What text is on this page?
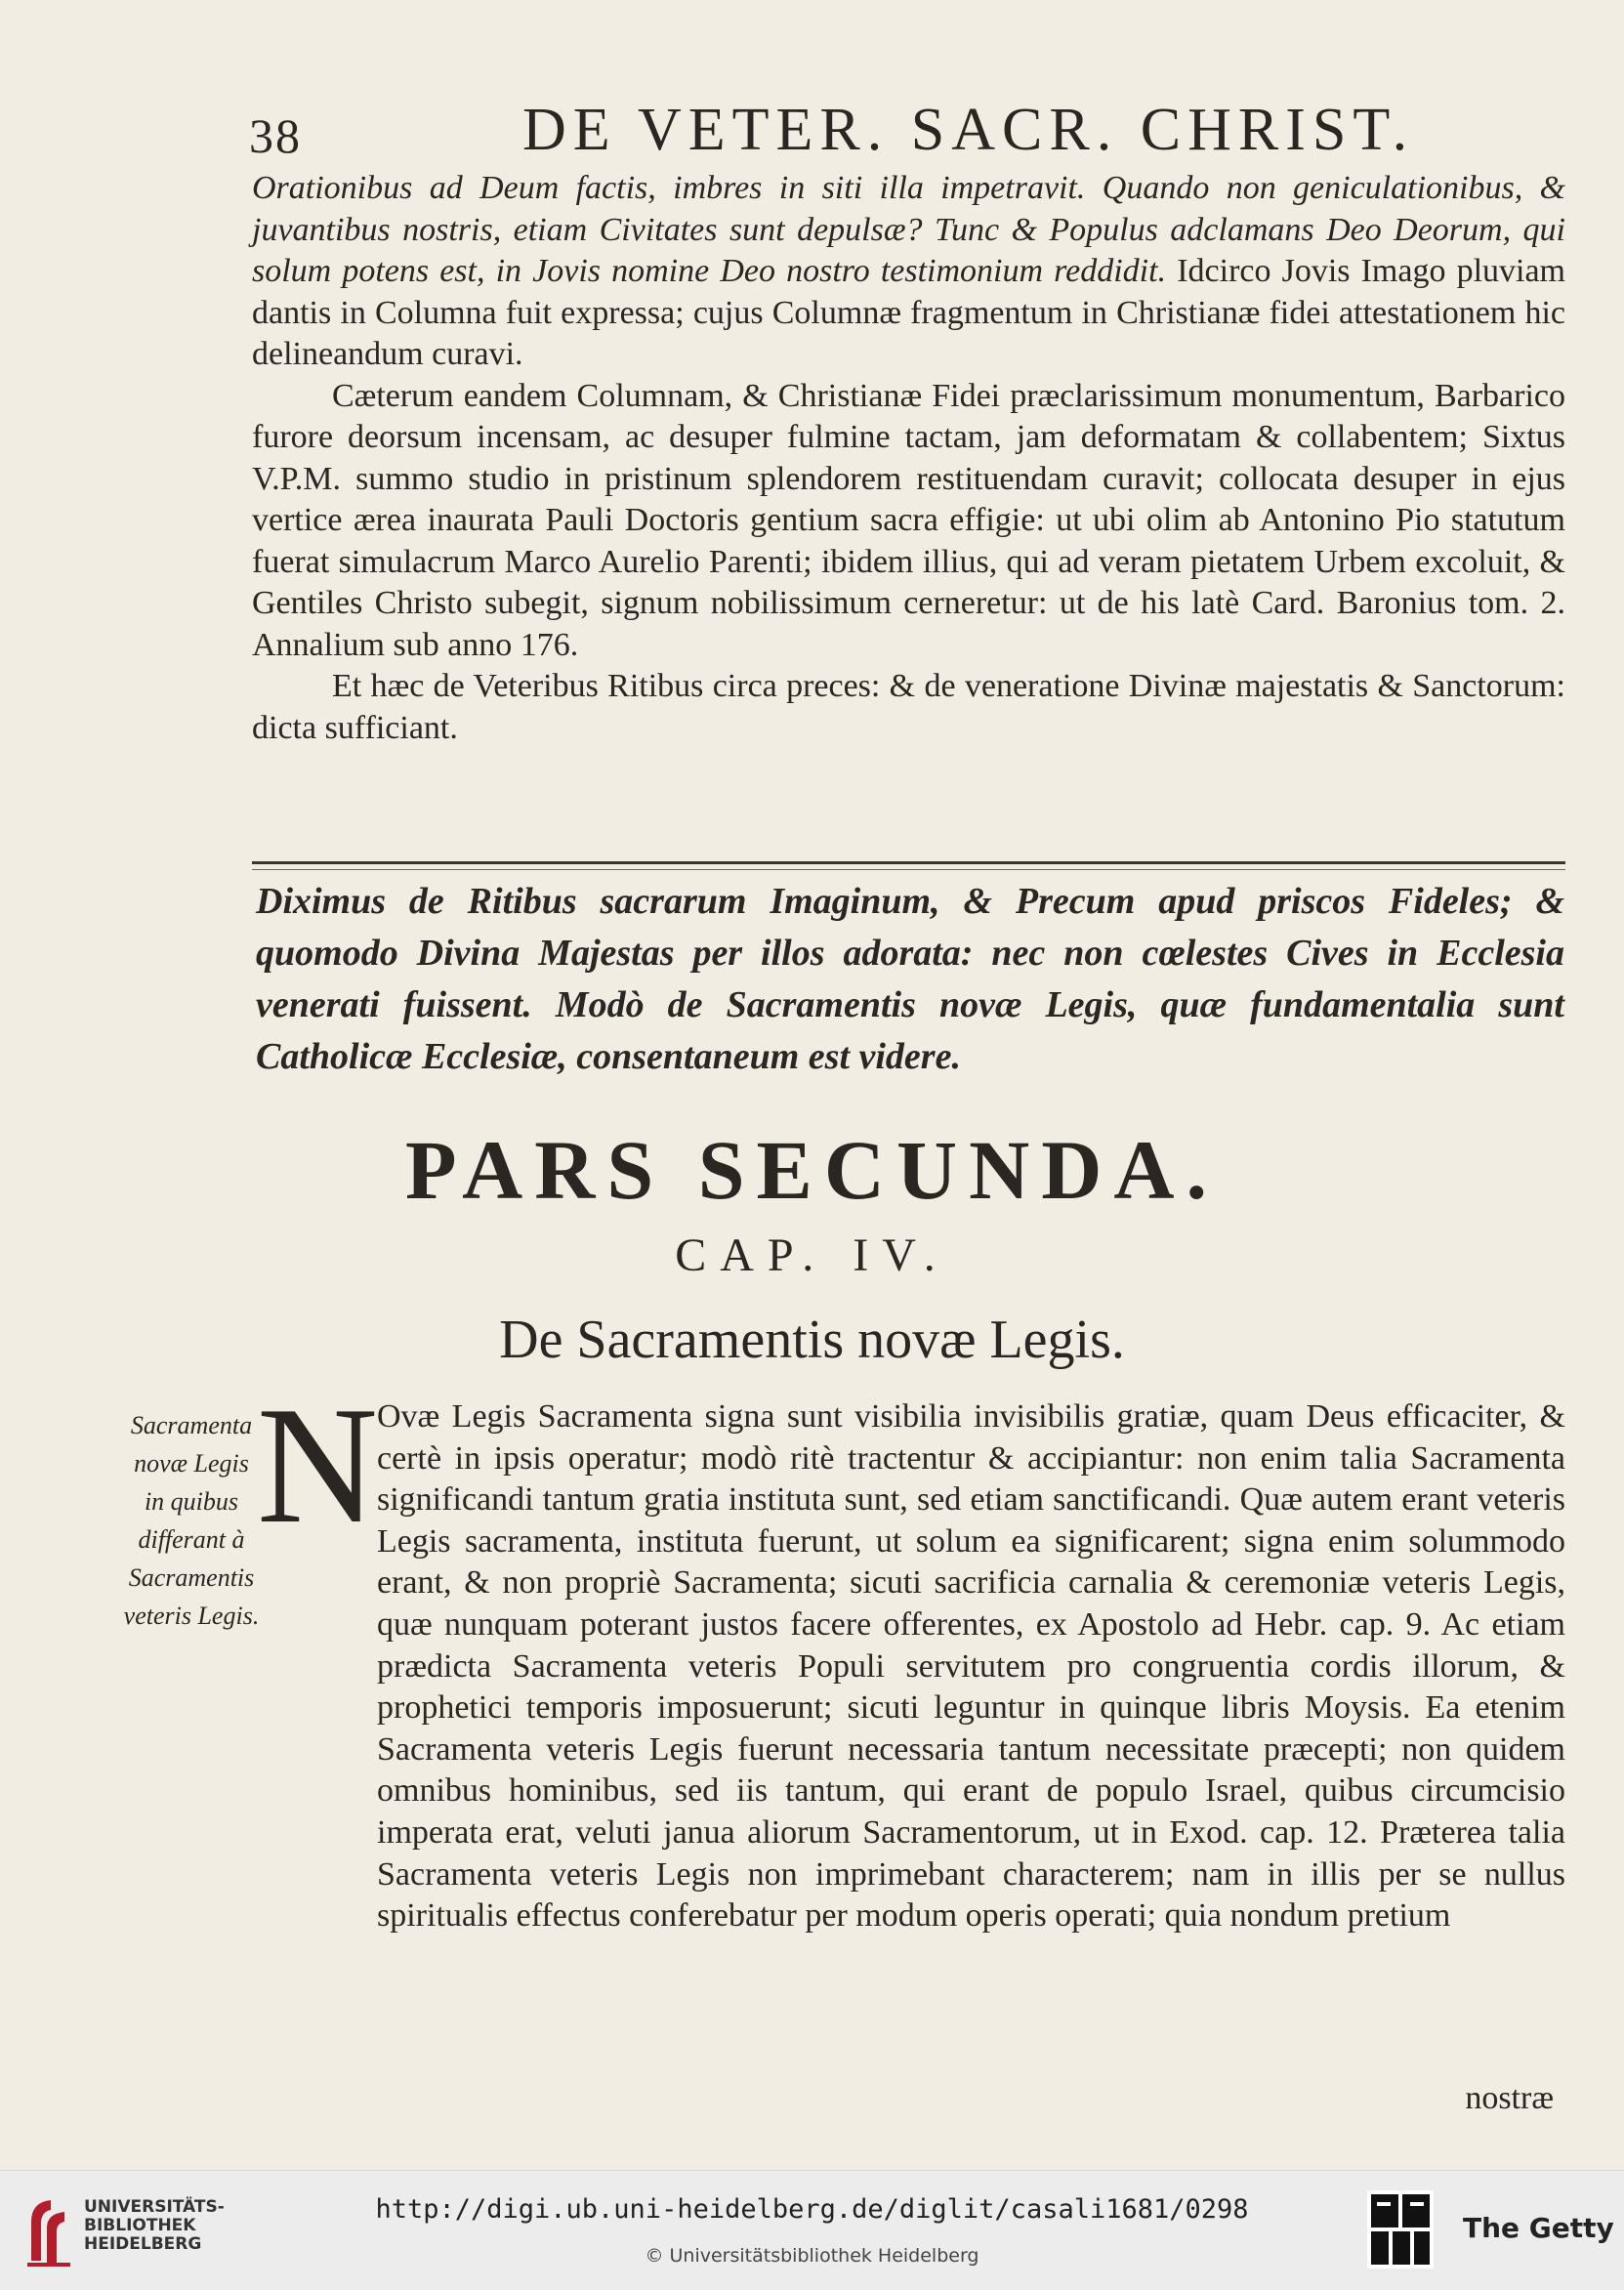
38	DE VETER. SACR. CHRIST.

Orationibus ad Deum factis, imbres in siti illa impetravit. Quando non geniculationibus, & juvantibus nostris, etiam Civitates sunt depulsæ? Tunc & Populus adclamans Deo Deorum, qui solum potens est, in Jovis nomine Deo nostro testimonium reddidit. Idcirco Jovis Imago pluviam dantis in Columna fuit expressa; cujus Columnæ fragmentum in Christianæ fidei attestationem hic delineandum curavi.

Cæterum eandem Columnam, & Christianæ Fidei præclarissimum monumentum, Barbarico furore deorsum incensam, ac desuper fulmine tactam, jam deformatam & collabentem; Sixtus V.P.M. summo studio in pristinum splendorem restituendam curavit; collocata desuper in ejus vertice ærea inaurata Pauli Doctoris gentium sacra effigie: ut ubi olim ab Antonino Pio statutum fuerat simulacrum Marco Aurelio Parenti; ibidem illius, qui ad veram pietatem Urbem excoluit, & Gentiles Christo subegit, signum nobilissimum cerneretur: ut de his latè Card. Baronius tom. 2. Annalium sub anno 176.

Et hæc de Veteribus Ritibus circa preces: & de veneratione Divinæ majestatis & Sanctorum: dicta sufficiant.

Diximus de Ritibus sacrarum Imaginum, & Precum apud priscos Fideles; & quomodo Divina Majestas per illos adorata: nec non cœlestes Cives in Ecclesia venerati fuissent. Modò de Sacramentis novæ Legis, quæ fundamentalia sunt Catholicæ Ecclesiæ, consentaneum est videre.
PARS SECUNDA.
CAP. IV.
De Sacramentis novæ Legis.
Sacramenta novæ Legis in quibus differant à Sacramentis veteris Legis.
N
Ovæ Legis Sacramenta signa sunt visibilia invisibilis gratiæ, quam Deus efficaciter, & certè in ipsis operatur; modò ritè tractentur & accipiantur: non enim talia Sacramenta significandi tantum gratia instituta sunt, sed etiam sanctificandi. Quæ autem erant veteris Legis sacramenta, instituta fuerunt, ut solum ea significarent; signa enim solummodo erant, & non propriè Sacramenta; sicuti sacrificia carnalia & ceremoniæ veteris Legis, quæ nunquam poterant justos facere offerentes, ex Apostolo ad Hebr. cap. 9. Ac etiam prædicta Sacramenta veteris Populi servitutem pro congruentia cordis illorum, & prophetici temporis imposuerunt; sicuti leguntur in quinque libris Moysis. Ea etenim Sacramenta veteris Legis fuerunt necessaria tantum necessitate præcepti; non quidem omnibus hominibus, sed iis tantum, qui erant de populo Israel, quibus circumcisio imperata erat, veluti janua aliorum Sacramentorum, ut in Exod. cap. 12. Præterea talia Sacramenta veteris Legis non imprimebant characterem; nam in illis per se nullus spiritualis effectus conferebatur per modum operis operati; quia nondum pretium
nostræ
UNIVERSITÄTS-
BIBLIOTHEK
HEIDELBERG
http://digi.ub.uni-heidelberg.de/diglit/casali1681/0298
© Universitätsbibliothek Heidelberg
The Getty
